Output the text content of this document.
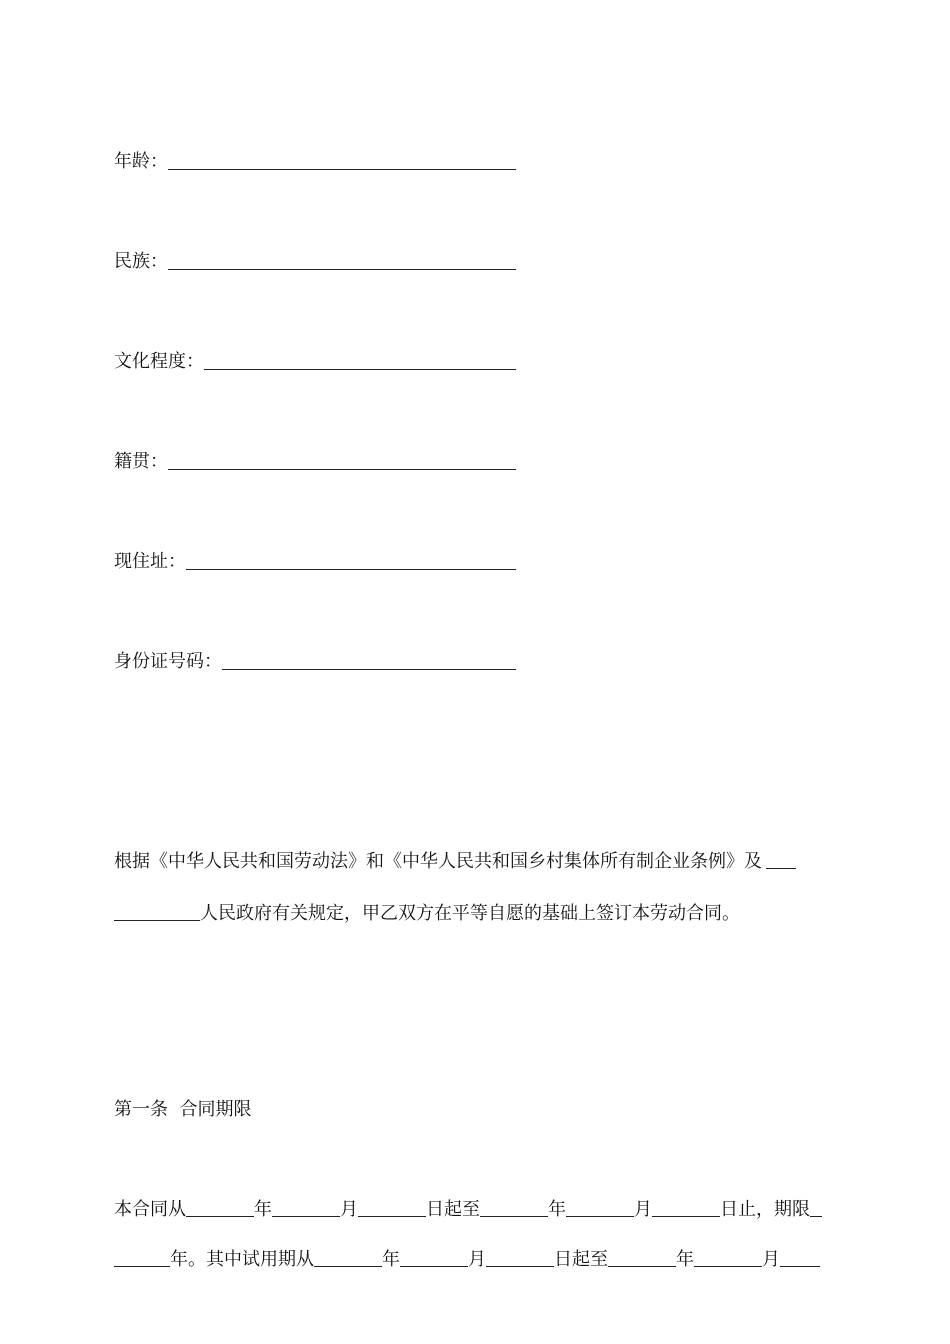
年龄：
民族：
文化程度：
籍贯：
现住址：
身份证号码：
根据《中华人民共和国劳动法》和《中华人民共和国乡村集体所有制企业条例》及
人民政府有关规定，甲乙双方在平等自愿的基础上签订本劳动合同。
第一条  合同期限
本合同从	年	月	日起至	年	月	日止，期限
年。其中试用期从	年	月	日起至	年	月
